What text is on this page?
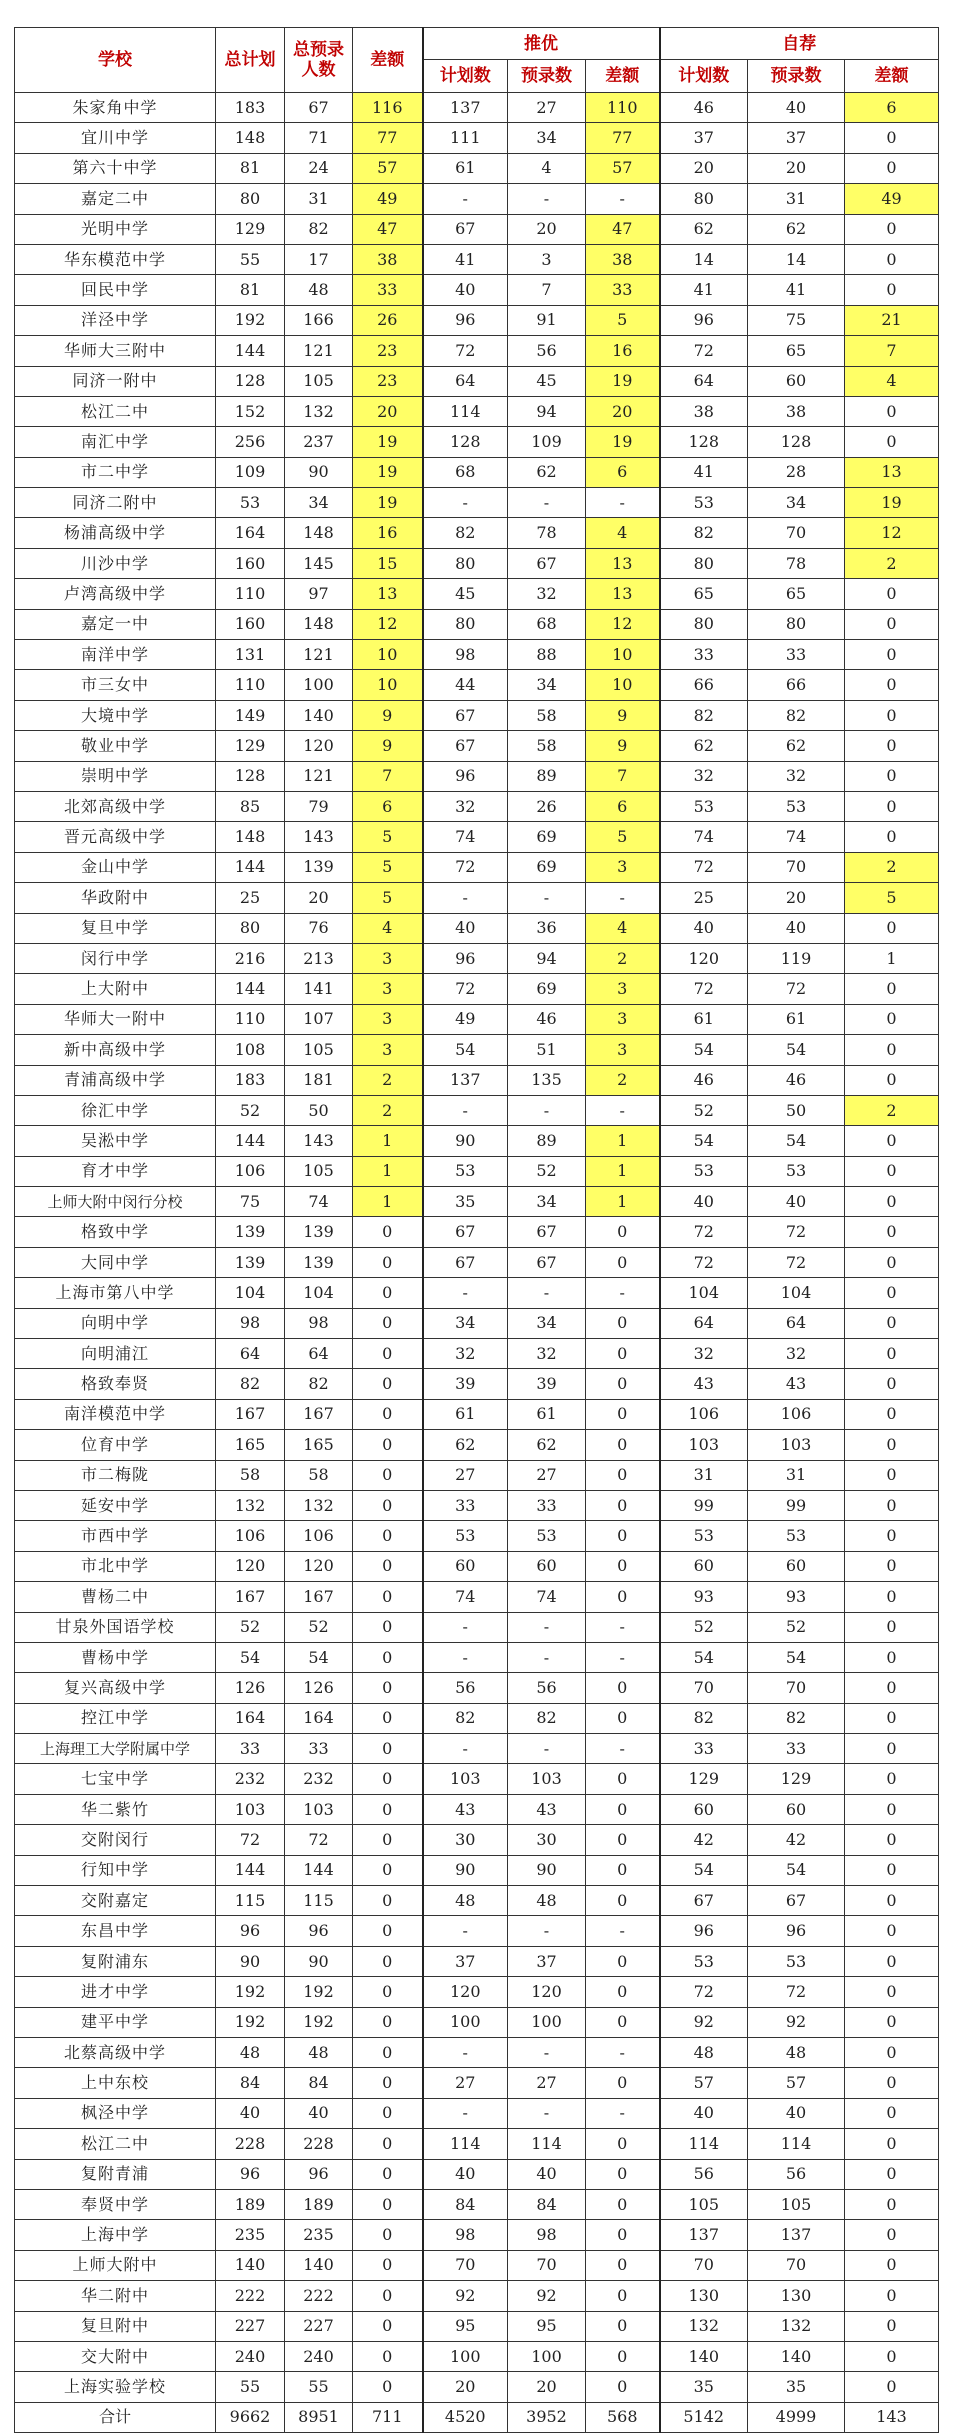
学校	总计划	总预录
人数	差额	推优			自荐		
				计划数	预录数	差额	计划数	预录数	差额
朱家角中学	183	67	116	137	27	110	46	40	6
宜川中学	148	71	77	111	34	77	37	37	0
第六十中学	81	24	57	61	4	57	20	20	0
嘉定二中	80	31	49	-	-	-	80	31	49
光明中学	129	82	47	67	20	47	62	62	0
华东模范中学	55	17	38	41	3	38	14	14	0
回民中学	81	48	33	40	7	33	41	41	0
洋泾中学	192	166	26	96	91	5	96	75	21
华师大三附中	144	121	23	72	56	16	72	65	7
同济一附中	128	105	23	64	45	19	64	60	4
松江二中	152	132	20	114	94	20	38	38	0
南汇中学	256	237	19	128	109	19	128	128	0
市二中学	109	90	19	68	62	6	41	28	13
同济二附中	53	34	19	-	-	-	53	34	19
杨浦高级中学	164	148	16	82	78	4	82	70	12
川沙中学	160	145	15	80	67	13	80	78	2
卢湾高级中学	110	97	13	45	32	13	65	65	0
嘉定一中	160	148	12	80	68	12	80	80	0
南洋中学	131	121	10	98	88	10	33	33	0
市三女中	110	100	10	44	34	10	66	66	0
大境中学	149	140	9	67	58	9	82	82	0
敬业中学	129	120	9	67	58	9	62	62	0
崇明中学	128	121	7	96	89	7	32	32	0
北郊高级中学	85	79	6	32	26	6	53	53	0
晋元高级中学	148	143	5	74	69	5	74	74	0
金山中学	144	139	5	72	69	3	72	70	2
华政附中	25	20	5	-	-	-	25	20	5
复旦中学	80	76	4	40	36	4	40	40	0
闵行中学	216	213	3	96	94	2	120	119	1
上大附中	144	141	3	72	69	3	72	72	0
华师大一附中	110	107	3	49	46	3	61	61	0
新中高级中学	108	105	3	54	51	3	54	54	0
青浦高级中学	183	181	2	137	135	2	46	46	0
徐汇中学	52	50	2	-	-	-	52	50	2
吴淞中学	144	143	1	90	89	1	54	54	0
育才中学	106	105	1	53	52	1	53	53	0
上师大附中闵行分校	75	74	1	35	34	1	40	40	0
格致中学	139	139	0	67	67	0	72	72	0
大同中学	139	139	0	67	67	0	72	72	0
上海市第八中学	104	104	0	-	-	-	104	104	0
向明中学	98	98	0	34	34	0	64	64	0
向明浦江	64	64	0	32	32	0	32	32	0
格致奉贤	82	82	0	39	39	0	43	43	0
南洋模范中学	167	167	0	61	61	0	106	106	0
位育中学	165	165	0	62	62	0	103	103	0
市二梅陇	58	58	0	27	27	0	31	31	0
延安中学	132	132	0	33	33	0	99	99	0
市西中学	106	106	0	53	53	0	53	53	0
市北中学	120	120	0	60	60	0	60	60	0
曹杨二中	167	167	0	74	74	0	93	93	0
甘泉外国语学校	52	52	0	-	-	-	52	52	0
曹杨中学	54	54	0	-	-	-	54	54	0
复兴高级中学	126	126	0	56	56	0	70	70	0
控江中学	164	164	0	82	82	0	82	82	0
上海理工大学附属中学	33	33	0	-	-	-	33	33	0
七宝中学	232	232	0	103	103	0	129	129	0
华二紫竹	103	103	0	43	43	0	60	60	0
交附闵行	72	72	0	30	30	0	42	42	0
行知中学	144	144	0	90	90	0	54	54	0
交附嘉定	115	115	0	48	48	0	67	67	0
东昌中学	96	96	0	-	-	-	96	96	0
复附浦东	90	90	0	37	37	0	53	53	0
进才中学	192	192	0	120	120	0	72	72	0
建平中学	192	192	0	100	100	0	92	92	0
北蔡高级中学	48	48	0	-	-	-	48	48	0
上中东校	84	84	0	27	27	0	57	57	0
枫泾中学	40	40	0	-	-	-	40	40	0
松江二中	228	228	0	114	114	0	114	114	0
复附青浦	96	96	0	40	40	0	56	56	0
奉贤中学	189	189	0	84	84	0	105	105	0
上海中学	235	235	0	98	98	0	137	137	0
上师大附中	140	140	0	70	70	0	70	70	0
华二附中	222	222	0	92	92	0	130	130	0
复旦附中	227	227	0	95	95	0	132	132	0
交大附中	240	240	0	100	100	0	140	140	0
上海实验学校	55	55	0	20	20	0	35	35	0
合计	9662	8951	711	4520	3952	568	5142	4999	143
